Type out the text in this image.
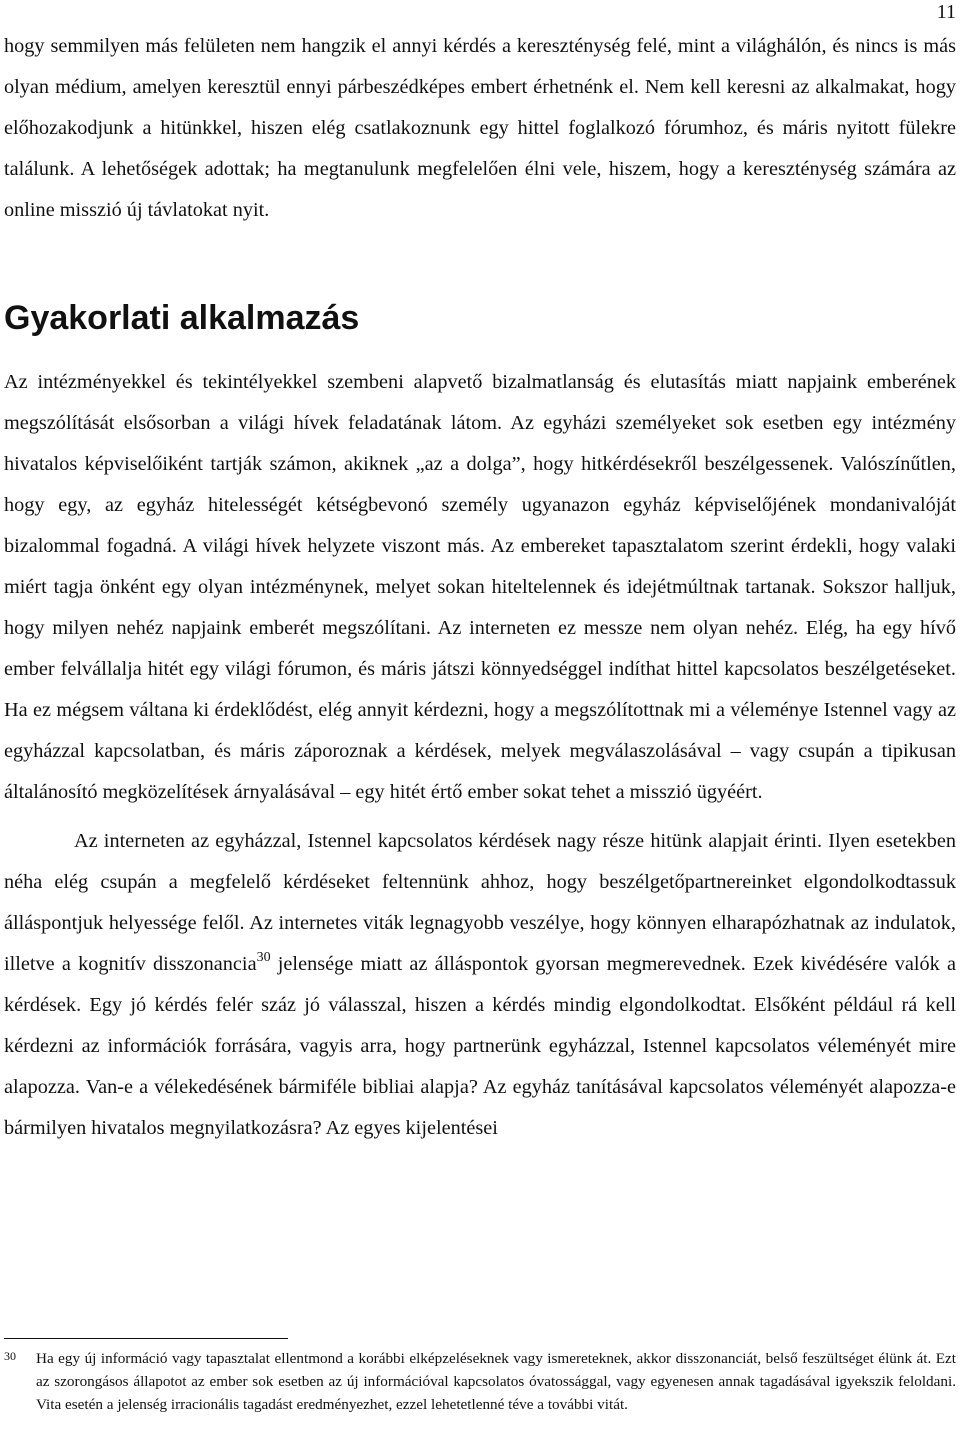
11

hogy semmilyen más felületen nem hangzik el annyi kérdés a kereszténység felé, mint a világhálón, és nincs is más olyan médium, amelyen keresztül ennyi párbeszédképes embert érhetnénk el. Nem kell keresni az alkalmakat, hogy előhozakodjunk a hitünkkel, hiszen elég csatlakoznunk egy hittel foglalkozó fórumhoz, és máris nyitott fülekre találunk. A lehetőségek adottak; ha megtanulunk megfelelően élni vele, hiszem, hogy a kereszténység számára az online misszió új távlatokat nyit.

Gyakorlati alkalmazás

Az intézményekkel és tekintélyekkel szembeni alapvető bizalmatlanság és elutasítás miatt napjaink emberének megszólítását elsősorban a világi hívek feladatának látom. Az egyházi személyeket sok esetben egy intézmény hivatalos képviselőiként tartják számon, akiknek „az a dolga”, hogy hitkérdésekről beszélgessenek. Valószínűtlen, hogy egy, az egyház hitelességét kétségbevonó személy ugyanazon egyház képviselőjének mondanivalóját bizalommal fogadná. A világi hívek helyzete viszont más. Az embereket tapasztalatom szerint érdekli, hogy valaki miért tagja önként egy olyan intézménynek, melyet sokan hiteltelennek és idejétmúltnak tartanak. Sokszor halljuk, hogy milyen nehéz napjaink emberét megszólítani. Az interneten ez messze nem olyan nehéz. Elég, ha egy hívő ember felvállalja hitét egy világi fórumon, és máris játszi könnyedséggel indíthat hittel kapcsolatos beszélgetéseket. Ha ez mégsem váltana ki érdeklődést, elég annyit kérdezni, hogy a megszólítottnak mi a véleménye Istennel vagy az egyházzal kapcsolatban, és máris záporoznak a kérdések, melyek megválaszolásával – vagy csupán a tipikusan általánosító megközelítések árnyalásával – egy hitét értő ember sokat tehet a misszió ügyéért.

Az interneten az egyházzal, Istennel kapcsolatos kérdések nagy része hitünk alapjait érinti. Ilyen esetekben néha elég csupán a megfelelő kérdéseket feltennünk ahhoz, hogy beszélgetőpartnereinket elgondolkodtassuk álláspontjuk helyessége felől. Az internetes viták legnagyobb veszélye, hogy könnyen elharapózhatnak az indulatok, illetve a kognitív disszonancia$^{30}$ jelensége miatt az álláspontok gyorsan megmerevednek. Ezek kivédésére valók a kérdések. Egy jó kérdés felér száz jó válasszal, hiszen a kérdés mindig elgondolkodtat. Elsőként például rá kell kérdezni az információk forrására, vagyis arra, hogy partnerünk egyházzal, Istennel kapcsolatos véleményét mire alapozza. Van-e a vélekedésének bármiféle bibliai alapja? Az egyház tanításával kapcsolatos véleményét alapozza-e bármilyen hivatalos megnyilatkozásra? Az egyes kijelentései

30 Ha egy új információ vagy tapasztalat ellentmond a korábbi elképzeléseknek vagy ismereteknek, akkor disszonanciát, belső feszültséget élünk át. Ezt az szorongásos állapotot az ember sok esetben az új információval kapcsolatos óvatossággal, vagy egyenesen annak tagadásával igyekszik feloldani. Vita esetén a jelenség irracionális tagadást eredményezhet, ezzel lehetetlenné téve a további vitát.
